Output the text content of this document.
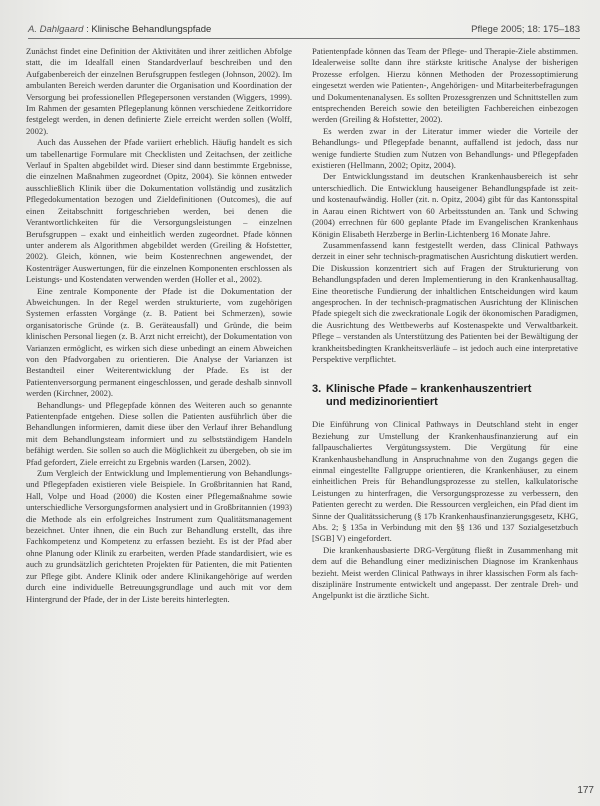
A. Dahlgaard : Klinische Behandlungspfade	Pflege 2005; 18: 175–183

Zunächst findet eine Definition der Aktivitäten und ihrer zeitlichen Abfolge statt, die im Idealfall einen Standardverlauf beschreiben und den Aufgabenbereich der einzelnen Berufsgruppen festlegen (Johnson, 2002). Im ambulanten Bereich werden darunter die Organisation und Koordination der Versorgung bei professionellen Pflegepersonen verstanden (Wiggers, 1999). Im Rahmen der gesamten Pflegeplanung können verschiedene Zeitkorridore festgelegt werden, in denen definierte Ziele erreicht werden sollen (Wolff, 2002).

Auch das Aussehen der Pfade variiert erheblich. Häufig handelt es sich um tabellenartige Formulare mit Checklisten und Zeitachsen, der zeitliche Verlauf in Spalten abgebildet wird. Dieser sind dann bestimmte Ergebnisse, die einzelnen Maßnahmen zugeordnet (Opitz, 2004). Sie können entweder ausschließlich Klinik über die Dokumentation vollständig und zusätzlich Pflegedokumentation bezogen und Zieldefinitionen (Outcomes), die auf einen Zeitabschnitt fortgeschrieben werden, bei denen die Verantwortlichkeiten für die Versorgungsleistungen – einzelnen Berufsgruppen – exakt und einheitlich werden zugeordnet. Pfade können unter anderem als Algorithmen abgebildet werden (Greiling & Hofstetter, 2002). Gleich, können, wie beim Kostenrechnen angewendet, der Kostenträger Auswertungen, für die einzelnen Komponenten erschlossen als Leistungs- und Kostendaten verwenden werden (Holler et al., 2002).

Eine zentrale Komponente der Pfade ist die Dokumentation der Abweichungen. In der Regel werden strukturierte, vom zugehörigen Systemen erfassten Vorgänge (z. B. Patient bei Schmerzen), sowie organisatorische Gründe (z. B. Geräteausfall) und Gründe, die beim klinischen Personal liegen (z. B. Arzt nicht erreicht), der Dokumentation von Varianzen ermöglicht, es wirken sich diese unbedingt an einem Abweichen von den Pfadvorgaben zu orientieren. Die Analyse der Varianzen ist Bestandteil einer Weiterentwicklung der Pfade. Es ist der Patientenversorgung permanent eingeschlossen, und gerade deshalb sinnvoll werden (Kirchner, 2002).

Behandlungs- und Pflegepfade können des Weiteren auch so genannte Patientenpfade entgehen. Diese sollen die Patienten ausführlich über die Behandlungen informieren, damit diese über den Verlauf ihrer Behandlung mit dem Behandlungsteam informiert und zu selbstständigem Handeln befähigt werden. Sie sollen so auch die Möglichkeit zu übergeben, ob sie im Pfad gefordert, Ziele erreicht zu Ergebnis warden (Larsen, 2002).

Zum Vergleich der Entwicklung und Implementierung von Behandlungs- und Pflegepfaden existieren viele Beispiele. In Großbritannien hat Rand, Hall, Volpe und Hoad (2000) die Kosten einer Pflegemaßnahme sowie unterschiedliche Versorgungsformen analysiert und in Großbritannien (1993) die Methode als ein erfolgreiches Instrument zum Qualitätsmanagement bezeichnet. Unter ihnen, die ein Buch zur Behandlung erstellt, das ihre Fachkompetenz und Kompetenz zu erfassen bezieht. Es ist der Pfad aber ohne Planung oder Klinik zu erarbeiten, werden Pfade standardisiert, wie es auch zu grundsätzlich gerichteten Projekten für Patienten, die mit Patienten zur Pflege gibt. Andere Klinik oder andere Klinikangehörige auf werden durch eine individuelle Betreuungsgrundlage und auch mit vor dem Hintergrund der Pfade, der in der Liste bereits hinterlegten.

Patientenpfade können das Team der Pflege- und Therapie-Ziele abstimmen. Idealerweise sollte dann ihre stärkste kritische Analyse der bisherigen Prozesse erfolgen. Hierzu können Methoden der Prozessoptimierung eingesetzt werden wie Patienten-, Angehörigen- und Mitarbeiterbefragungen und Dokumentenanalysen. Es sollten Prozessgrenzen und Schnittstellen zum entsprechenden Bereich sowie den beteiligten Fachbereichen einbezogen werden (Greiling & Hofstetter, 2002).

Es werden zwar in der Literatur immer wieder die Vorteile der Behandlungs- und Pflegepfade benannt, auffallend ist jedoch, dass nur wenige fundierte Studien zum Nutzen von Behandlungs- und Pflegepfaden existieren (Hellmann, 2002; Opitz, 2004).

Der Entwicklungsstand im deutschen Krankenhausbereich ist sehr unterschiedlich. Die Entwicklung hauseigener Behandlungspfade ist zeit- und kostenaufwändig. Holler (zit. n. Opitz, 2004) gibt für das Kantonsspital in Aarau einen Richtwert von 60 Arbeitsstunden an. Tank und Schwing (2004) errechnen für 600 geplante Pfade im Evangelischen Krankenhaus Königin Elisabeth Herzberge in Berlin-Lichtenberg 16 Monate Jahre.

Zusammenfassend kann festgestellt werden, dass Clinical Pathways derzeit in einer sehr technisch-pragmatischen Ausrichtung diskutiert werden. Die Diskussion konzentriert sich auf Fragen der Strukturierung von Behandlungspfaden und deren Implementierung in den Krankenhausalltag. Eine theoretische Fundierung der inhaltlichen Entscheidungen wird kaum angesprochen. In der technisch-pragmatischen Ausrichtung der Klinischen Pfade spiegelt sich die zweckrationale Logik der ökonomischen Paradigmen, die Ausrichtung des Wettbewerbs auf Kostenaspekte und Verwaltbarkeit. Pflege – verstanden als Unterstützung des Patienten bei der Bewältigung der krankheitsbedingten Krankheitsverläufe – ist jedoch auch eine interpretative Perspektive verpflichtet.

3. Klinische Pfade – krankenhauszentriert
und medizinorientiert

Die Einführung von Clinical Pathways in Deutschland steht in enger Beziehung zur Umstellung der Krankenhausfinanzierung auf ein fallpauschaliertes Vergütungssystem. Die Vergütung für eine Krankenhausbehandlung in Anspruchnahme von den Zugangs gegen die einmal eingestellte Fallgruppe orientieren, die Krankenhäuser, zu einem einheitlichen Preis für Behandlungsprozesse zu stellen, kalkulatorische Leistungen zu hinterfragen, die Versorgungsprozesse zu verbessern, den Patienten gerecht zu werden. Die Ressourcen vergleichen, ein Pfad dient im Sinne der Qualitätssicherung (§ 17b Krankenhausfinanzierungsgesetz, KHG, Abs. 2; § 135a in Verbindung mit den §§ 136 und 137 Sozialgesetzbuch [SGB] V) eingefordert.

Die krankenhausbasierte DRG-Vergütung fließt in Zusammenhang mit dem auf die Behandlung einer medizinischen Diagnose im Krankenhaus bezieht. Meist werden Clinical Pathways in ihrer klassischen Form als fach-disziplinäre Instrumente entwickelt und angepasst. Der zentrale Dreh- und Angelpunkt ist die ärztliche Sicht.

177
